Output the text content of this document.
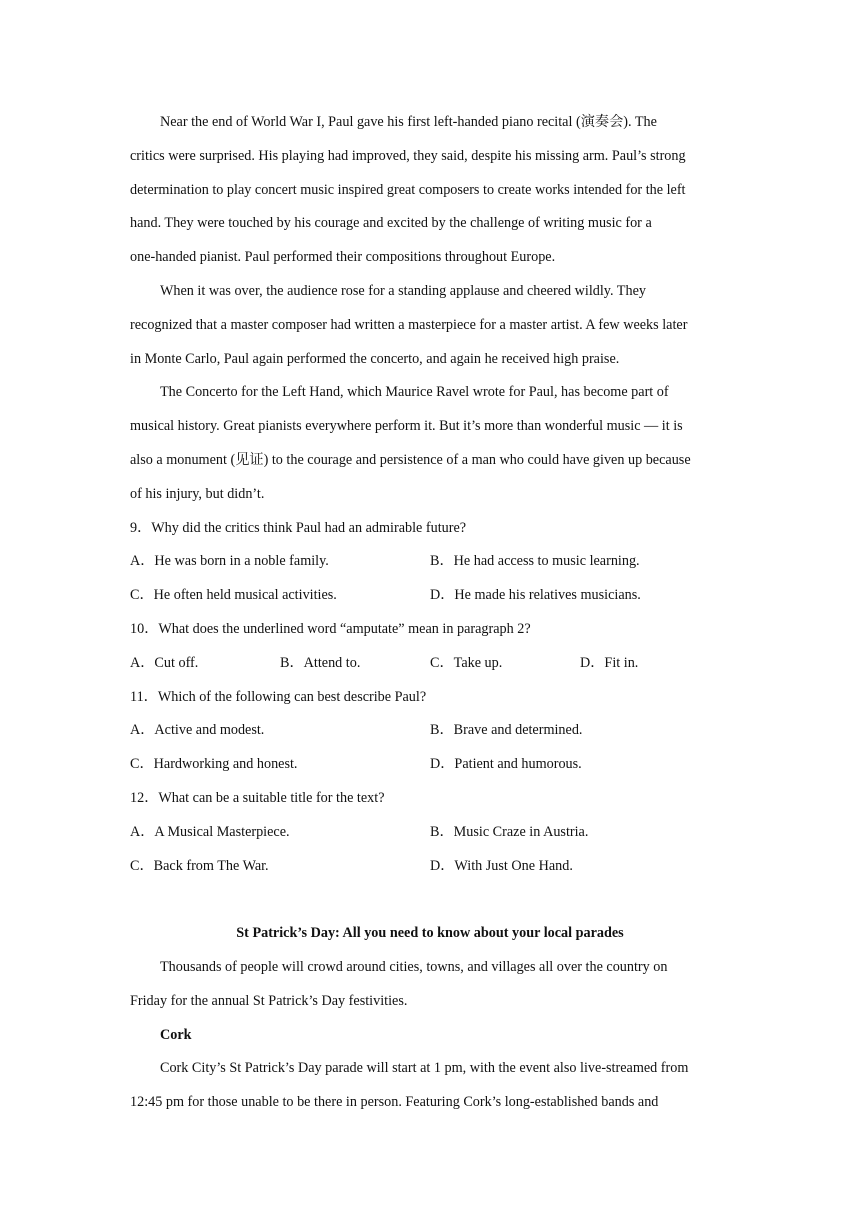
Near the end of World War I, Paul gave his first left-handed piano recital (演奏会). The
critics were surprised. His playing had improved, they said, despite his missing arm. Paul’s strong
determination to play concert music inspired great composers to create works intended for the left
hand. They were touched by his courage and excited by the challenge of writing music for a
one-handed pianist. Paul performed their compositions throughout Europe.
When it was over, the audience rose for a standing applause and cheered wildly. They
recognized that a master composer had written a masterpiece for a master artist. A few weeks later
in Monte Carlo, Paul again performed the concerto, and again he received high praise.
The Concerto for the Left Hand, which Maurice Ravel wrote for Paul, has become part of
musical history. Great pianists everywhere perform it. But it’s more than wonderful music — it is
also a monument (见证) to the courage and persistence of a man who could have given up because
of his injury, but didn’t.
9．Why did the critics think Paul had an admirable future?
A．He was born in a noble family.	B．He had access to music learning.
C．He often held musical activities.	D．He made his relatives musicians.
10．What does the underlined word “amputate” mean in paragraph 2?
A．Cut off.	B．Attend to.	C．Take up.	D．Fit in.
11．Which of the following can best describe Paul?
A．Active and modest.	B．Brave and determined.
C．Hardworking and honest.	D．Patient and humorous.
12．What can be a suitable title for the text?
A．A Musical Masterpiece.	B．Music Craze in Austria.
C．Back from The War.	D．With Just One Hand.
St Patrick’s Day: All you need to know about your local parades
Thousands of people will crowd around cities, towns, and villages all over the country on
Friday for the annual St Patrick’s Day festivities.
Cork
Cork City’s St Patrick’s Day parade will start at 1 pm, with the event also live-streamed from
12:45 pm for those unable to be there in person. Featuring Cork’s long-established bands and
